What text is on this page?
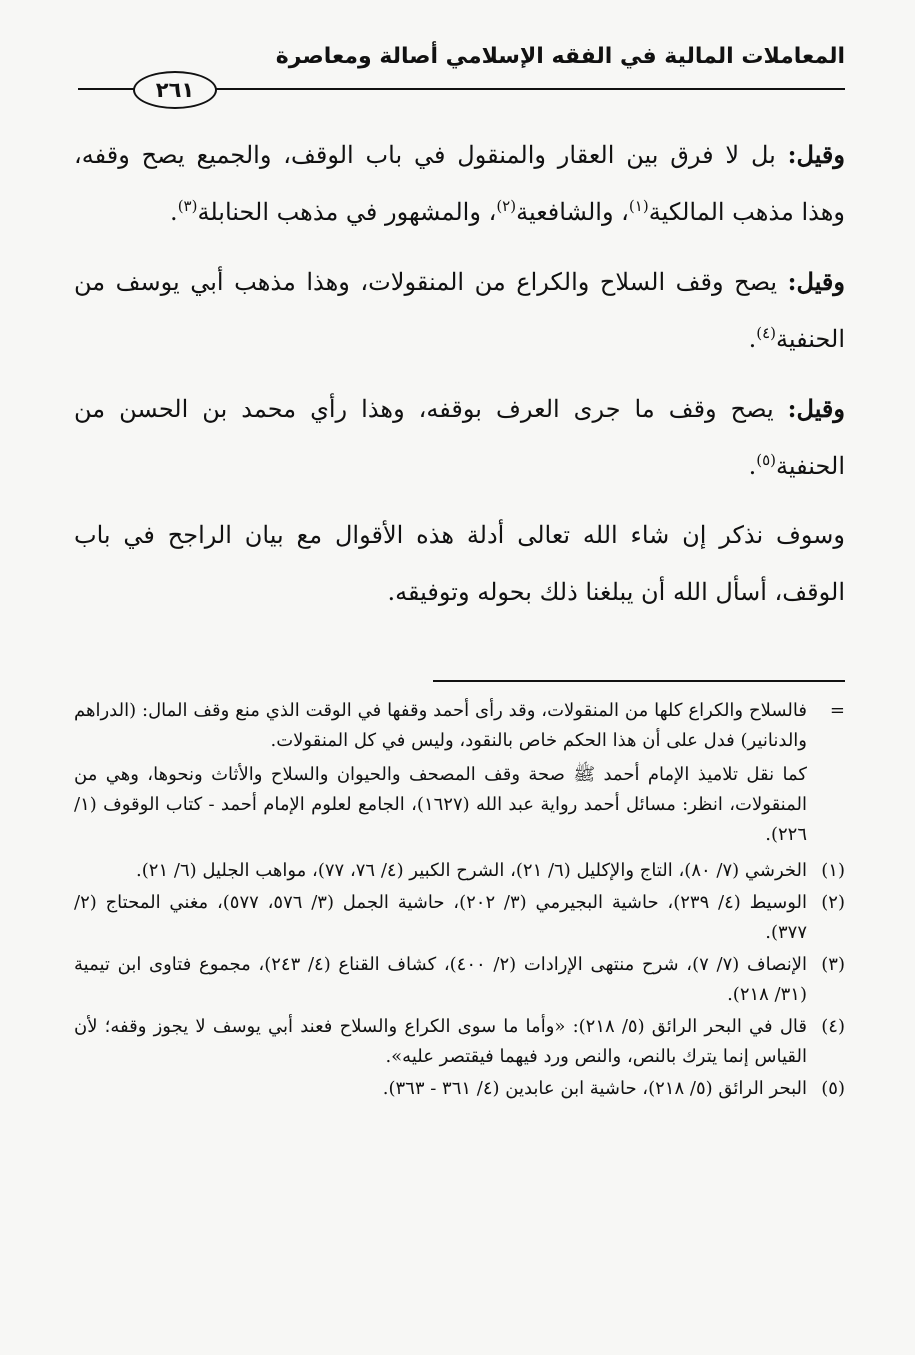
المعاملات المالية في الفقه الإسلامي أصالة ومعاصرة
٢٦١

وقيل: بل لا فرق بين العقار والمنقول في باب الوقف، والجميع يصح وقفه، وهذا مذهب المالكية$^{(١)}$، والشافعية$^{(٢)}$، والمشهور في مذهب الحنابلة$^{(٣)}$.

وقيل: يصح وقف السلاح والكراع من المنقولات، وهذا مذهب أبي يوسف من الحنفية$^{(٤)}$.

وقيل: يصح وقف ما جرى العرف بوقفه، وهذا رأي محمد بن الحسن من الحنفية$^{(٥)}$.

وسوف نذكر إن شاء الله تعالى أدلة هذه الأقوال مع بيان الراجح في باب الوقف، أسأل الله أن يبلغنا ذلك بحوله وتوفيقه.

=

فالسلاح والكراع كلها من المنقولات، وقد رأى أحمد وقفها في الوقت الذي منع وقف المال: (الدراهم والدنانير) فدل على أن هذا الحكم خاص بالنقود، وليس في كل المنقولات.

كما نقل تلاميذ الإمام أحمد ﷺ صحة وقف المصحف والحيوان والسلاح والأثاث ونحوها، وهي من المنقولات، انظر: مسائل أحمد رواية عبد الله (١٦٢٧)، الجامع لعلوم الإمام أحمد - كتاب الوقوف (١/ ٢٢٦).

(١)
الخرشي (٧/ ٨٠)، التاج والإكليل (٦/ ٢١)، الشرح الكبير (٤/ ٧٦، ٧٧)، مواهب الجليل (٦/ ٢١).
(٢)
الوسيط (٤/ ٢٣٩)، حاشية البجيرمي (٣/ ٢٠٢)، حاشية الجمل (٣/ ٥٧٦، ٥٧٧)، مغني المحتاج (٢/ ٣٧٧).
(٣)
الإنصاف (٧/ ٧)، شرح منتهى الإرادات (٢/ ٤٠٠)، كشاف القناع (٤/ ٢٤٣)، مجموع فتاوى ابن تيمية (٣١/ ٢١٨).
(٤)
قال في البحر الرائق (٥/ ٢١٨): «وأما ما سوى الكراع والسلاح فعند أبي يوسف لا يجوز وقفه؛ لأن القياس إنما يترك بالنص، والنص ورد فيهما فيقتصر عليه».
(٥)
البحر الرائق (٥/ ٢١٨)، حاشية ابن عابدين (٤/ ٣٦١ - ٣٦٣).
